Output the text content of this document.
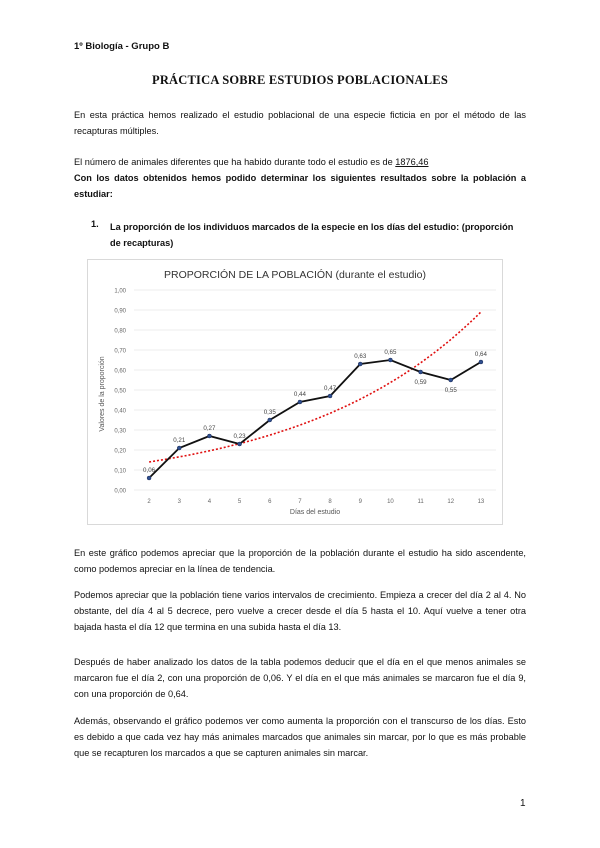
1º Biología - Grupo B
PRÁCTICA SOBRE ESTUDIOS POBLACIONALES
En esta práctica hemos realizado el estudio poblacional de una especie ficticia en por el método de las recapturas múltiples.
El número de animales diferentes que ha habido durante todo el estudio es de 1876,46
Con los datos obtenidos hemos podido determinar los siguientes resultados sobre la población a estudiar:
1. La proporción de los individuos marcados de la especie en los días del estudio: (proporción de recapturas)
PROPORCIÓN DE LA POBLACIÓN (durante el estudio)
Valores de la proporción
Días del estudio
0,00
0,10
0,20
0,30
0,40
0,50
0,60
0,70
0,80
0,90
1,00
2	3	4	5	6	7	8	9	10	11	12	13
0,06
0,21
0,27
0,23
0,35
0,44
0,47
0,63
0,65
0,59
0,55
0,64
En este gráfico podemos apreciar que la proporción de la población durante el estudio ha sido ascendente, como podemos apreciar en la línea de tendencia.
Podemos apreciar que la población tiene varios intervalos de crecimiento. Empieza a crecer del día 2 al 4. No obstante, del día 4 al 5 decrece, pero vuelve a crecer desde el día 5 hasta el 10. Aquí vuelve a tener otra bajada hasta el día 12 que termina en una subida hasta el día 13.
Después de haber analizado los datos de la tabla podemos deducir que el día en el que menos animales se marcaron fue el día 2, con una proporción de 0,06. Y el día en el que más animales se marcaron fue el día 9, con una proporción de 0,64.
Además, observando el gráfico podemos ver como aumenta la proporción con el transcurso de los días. Esto es debido a que cada vez hay más animales marcados que animales sin marcar, por lo que es más probable que se recapturen los marcados a que se capturen animales sin marcar.
1
